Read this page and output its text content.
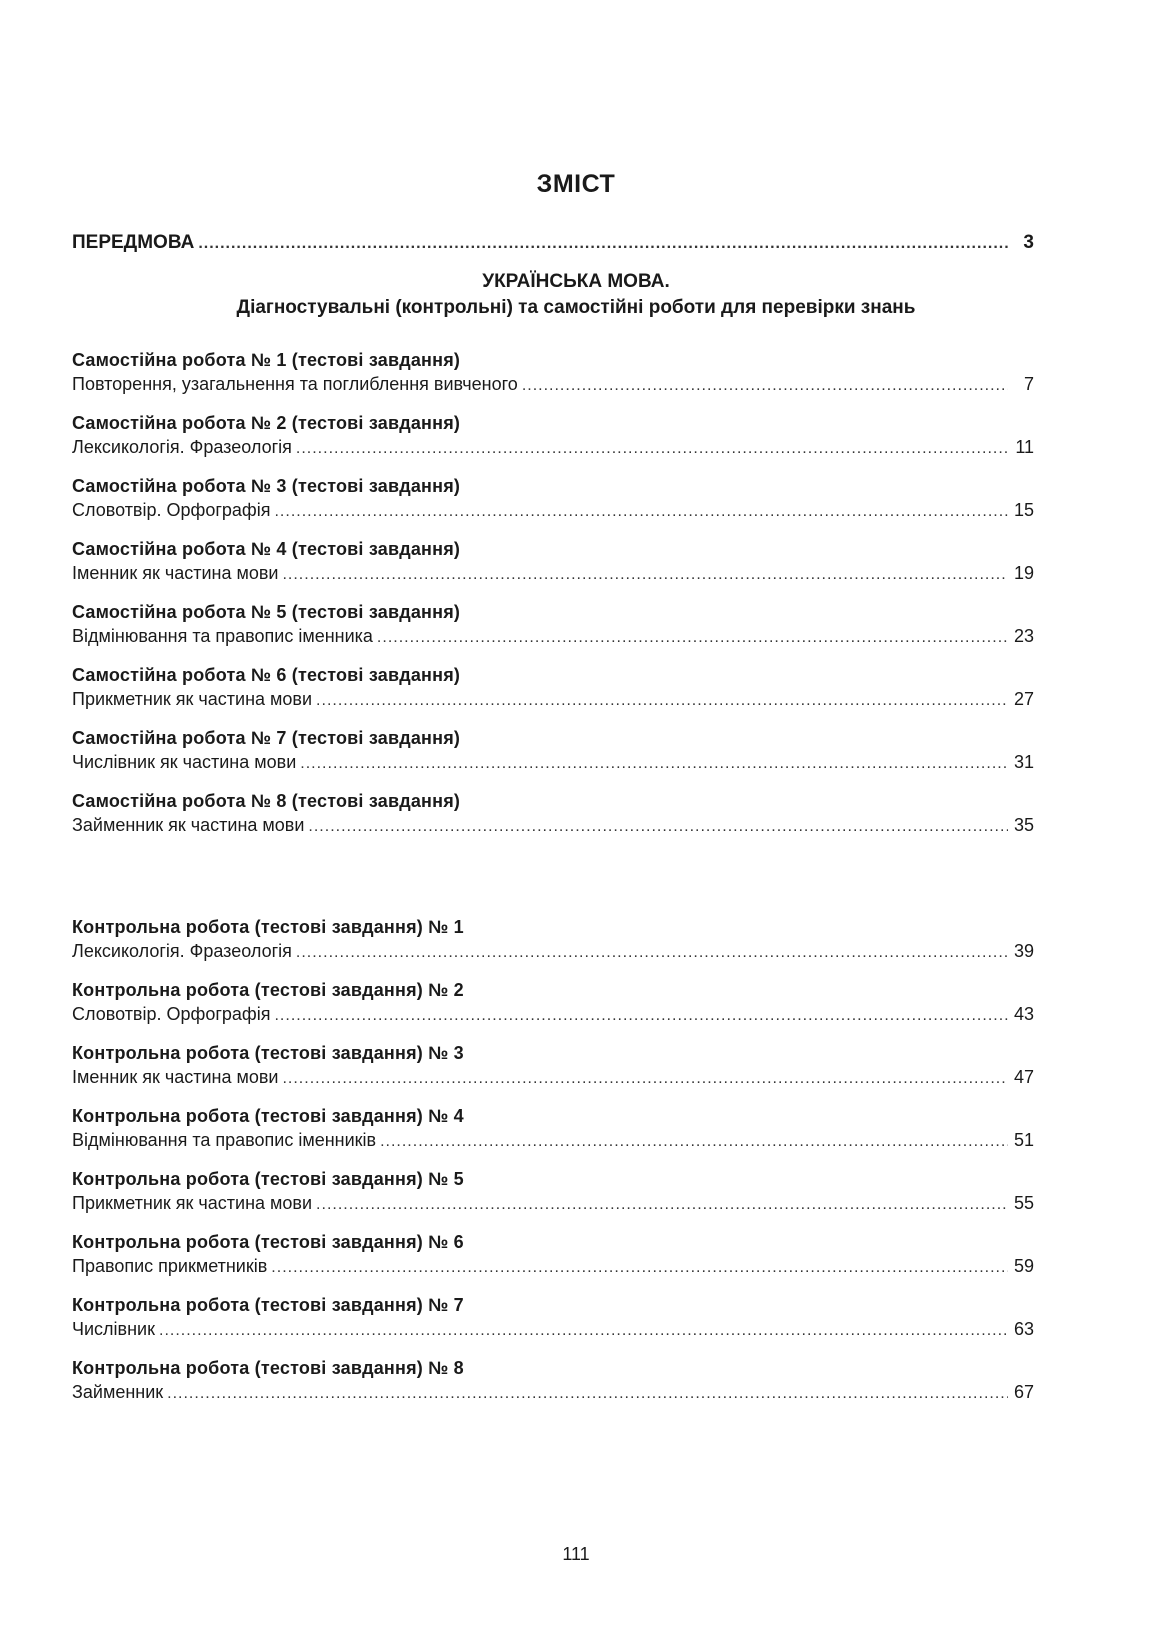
ЗМІСТ
ПЕРЕДМОВА .....	3
УКРАЇНСЬКА МОВА.
Діагностувальні (контрольні) та самостійні роботи для перевірки знань
Самостійна робота № 1 (тестові завдання)
Повторення, узагальнення та поглиблення вивченого .....	7
Самостійна робота № 2 (тестові завдання)
Лексикологія. Фразеологія .....	11
Самостійна робота № 3 (тестові завдання)
Словотвір. Орфографія .....	15
Самостійна робота № 4 (тестові завдання)
Іменник як частина мови .....	19
Самостійна робота № 5 (тестові завдання)
Відмінювання та правопис іменника .....	23
Самостійна робота № 6 (тестові завдання)
Прикметник як частина мови .....	27
Самостійна робота № 7 (тестові завдання)
Числівник як частина мови .....	31
Самостійна робота № 8 (тестові завдання)
Займенник як частина мови .....	35
Контрольна робота (тестові завдання) № 1
Лексикологія. Фразеологія .....	39
Контрольна робота (тестові завдання) № 2
Словотвір. Орфографія .....	43
Контрольна робота (тестові завдання) № 3
Іменник як частина мови .....	47
Контрольна робота (тестові завдання) № 4
Відмінювання та правопис іменників .....	51
Контрольна робота (тестові завдання) № 5
Прикметник як частина мови .....	55
Контрольна робота (тестові завдання) № 6
Правопис прикметників .....	59
Контрольна робота (тестові завдання) № 7
Числівник .....	63
Контрольна робота (тестові завдання) № 8
Займенник .....	67
111
